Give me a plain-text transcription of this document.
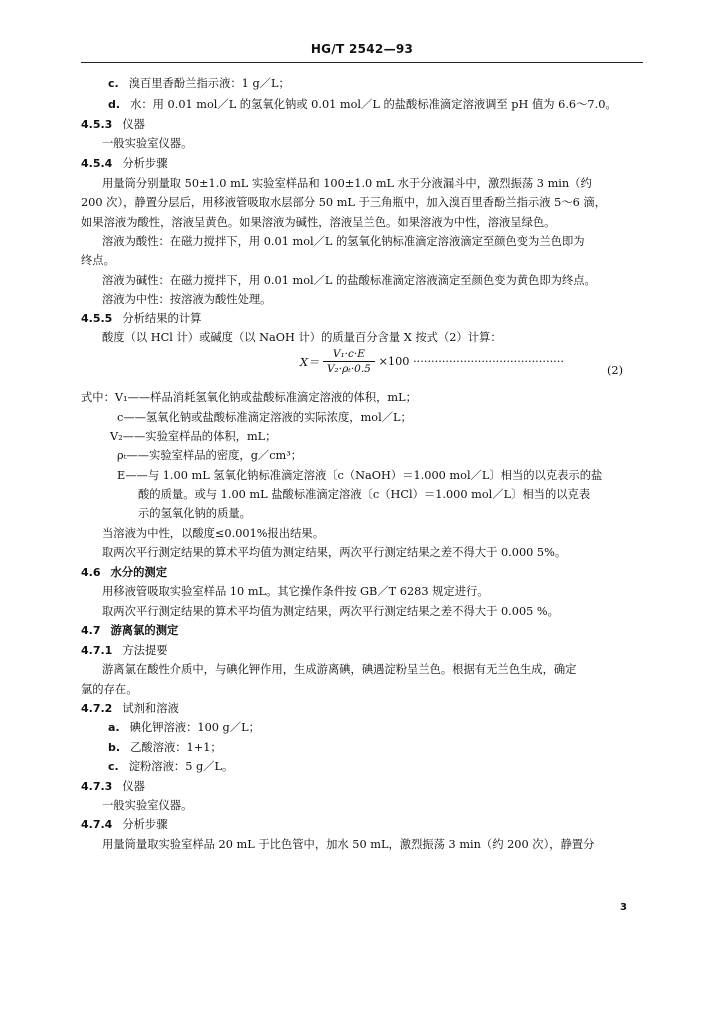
HG/T 2542—93
c. 溴百里香酚兰指示液：1 g／L；
d. 水：用 0.01 mol／L 的氢氧化钠或 0.01 mol／L 的盐酸标准滴定溶液调至 pH 值为 6.6～7.0。
4.5.3 仪器
一般实验室仪器。
4.5.4 分析步骤
用量筒分别量取 50±1.0 mL 实验室样品和 100±1.0 mL 水于分液漏斗中，激烈振荡 3 min（约
200 次），静置分层后，用移液管吸取水层部分 50 mL 于三角瓶中，加入溴百里香酚兰指示液 5～6 滴，
如果溶液为酸性，溶液呈黄色。如果溶液为碱性，溶液呈兰色。如果溶液为中性，溶液呈绿色。
溶液为酸性：在磁力搅拌下，用 0.01 mol／L 的氢氧化钠标准滴定溶液滴定至颜色变为兰色即为
终点。
溶液为碱性：在磁力搅拌下，用 0.01 mol／L 的盐酸标准滴定溶液滴定至颜色变为黄色即为终点。
溶液为中性：按溶液为酸性处理。
4.5.5 分析结果的计算
酸度（以 HCl 计）或碱度（以 NaOH 计）的质量百分含量 X 按式（2）计算：
$X= \frac{\text{V₁·c·E}}{\text{V₂·ρₜ·0.5}} \times 100$ ··········································
(2)
式中：V₁——样品消耗氢氧化钠或盐酸标准滴定溶液的体积，mL；
c——氢氧化钠或盐酸标准滴定溶液的实际浓度，mol／L；
V₂——实验室样品的体积，mL；
ρₜ——实验室样品的密度，g／cm³；
E——与 1.00 mL 氢氧化钠标准滴定溶液〔c（NaOH）＝1.000 mol／L〕相当的以克表示的盐
酸的质量。或与 1.00 mL 盐酸标准滴定溶液〔c（HCl）＝1.000 mol／L〕相当的以克表
示的氢氧化钠的质量。
当溶液为中性，以酸度≤0.001%报出结果。
取两次平行测定结果的算术平均值为测定结果，两次平行测定结果之差不得大于 0.000 5%。
4.6 水分的测定
用移液管吸取实验室样品 10 mL。其它操作条件按 GB／T 6283 规定进行。
取两次平行测定结果的算术平均值为测定结果，两次平行测定结果之差不得大于 0.005 %。
4.7 游离氯的测定
4.7.1 方法提要
游离氯在酸性介质中，与碘化钾作用，生成游离碘，碘遇淀粉呈兰色。根据有无兰色生成，确定
氯的存在。
4.7.2 试剂和溶液
a. 碘化钾溶液：100 g／L；
b. 乙酸溶液：1+1；
c. 淀粉溶液：5 g／L。
4.7.3 仪器
一般实验室仪器。
4.7.4 分析步骤
用量筒量取实验室样品 20 mL 于比色管中，加水 50 mL，激烈振荡 3 min（约 200 次），静置分
3
